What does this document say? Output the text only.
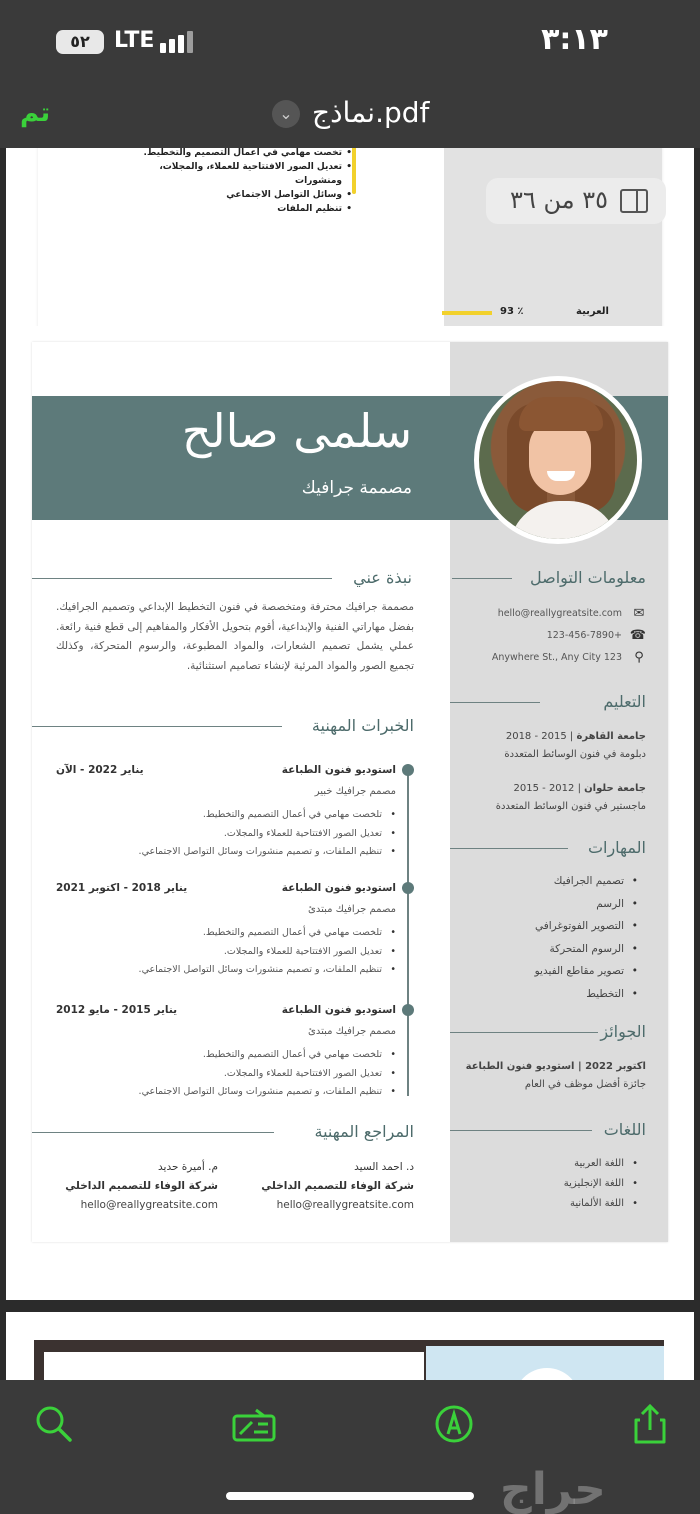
٣:١٣
٥٢	LTE
تم	⌄ نماذج.pdf
• تخصت مهامي في أعمال التصميم والتخطيط.
• تعديل الصور الافتتاحية للعملاء، والمجلات، ومنشورات
• وسائل التواصل الاجتماعي
• تنظيم الملفات
العربية
93 ٪
٣٥ من ٣٦
سلمى صالح
مصممة جرافيك
نبذة عني
مصممة جرافيك محترفة ومتخصصة في فنون التخطيط الإبداعي وتصميم الجرافيك. بفضل مهاراتي الفنية والإبداعية، أقوم بتحويل الأفكار والمفاهيم إلى قطع فنية رائعة. عملي يشمل تصميم الشعارات، والمواد المطبوعة، والرسوم المتحركة، وكذلك تجميع الصور والمواد المرئية لإنشاء تصاميم استثنائية.
الخبرات المهنية
استوديو فنون الطباعة
يناير 2022 - الآن
مصمم جرافيك خبير
• تلخصت مهامي في أعمال التصميم والتخطيط.
• تعديل الصور الافتتاحية للعملاء والمجلات.
• تنظيم الملفات، و تصميم منشورات وسائل التواصل الاجتماعي.
استوديو فنون الطباعة
يناير 2018 - اكتوبر 2021
مصمم جرافيك مبتدئ
• تلخصت مهامي في أعمال التصميم والتخطيط.
• تعديل الصور الافتتاحية للعملاء والمجلات.
• تنظيم الملفات، و تصميم منشورات وسائل التواصل الاجتماعي.
استوديو فنون الطباعة
يناير 2015 - مايو 2012
مصمم جرافيك مبتدئ
• تلخصت مهامي في أعمال التصميم والتخطيط.
• تعديل الصور الافتتاحية للعملاء والمجلات.
• تنظيم الملفات، و تصميم منشورات وسائل التواصل الاجتماعي.
المراجع المهنية
د. احمد السيد
شركة الوفاء للتصميم الداخلي
hello@reallygreatsite.com
م. أميرة حديد
شركة الوفاء للتصميم الداخلي
hello@reallygreatsite.com
معلومات التواصل
✉
hello@reallygreatsite.com
☎
+123-456-7890
⚲
123 Anywhere St., Any City
التعليم
جامعة القاهرة | 2015 - 2018
دبلومة في فنون الوسائط المتعددة
جامعة حلوان | 2012 - 2015
ماجستير في فنون الوسائط المتعددة
المهارات
• تصميم الجرافيك
• الرسم
• التصوير الفوتوغرافي
• الرسوم المتحركة
• تصوير مقاطع الفيديو
• التخطيط
الجوائز
اكتوبر 2022 | استوديو فنون الطباعة
جائزة أفضل موظف في العام
اللغات
• اللغة العربية
• اللغة الإنجليزية
• اللغة الألمانية
حراج
